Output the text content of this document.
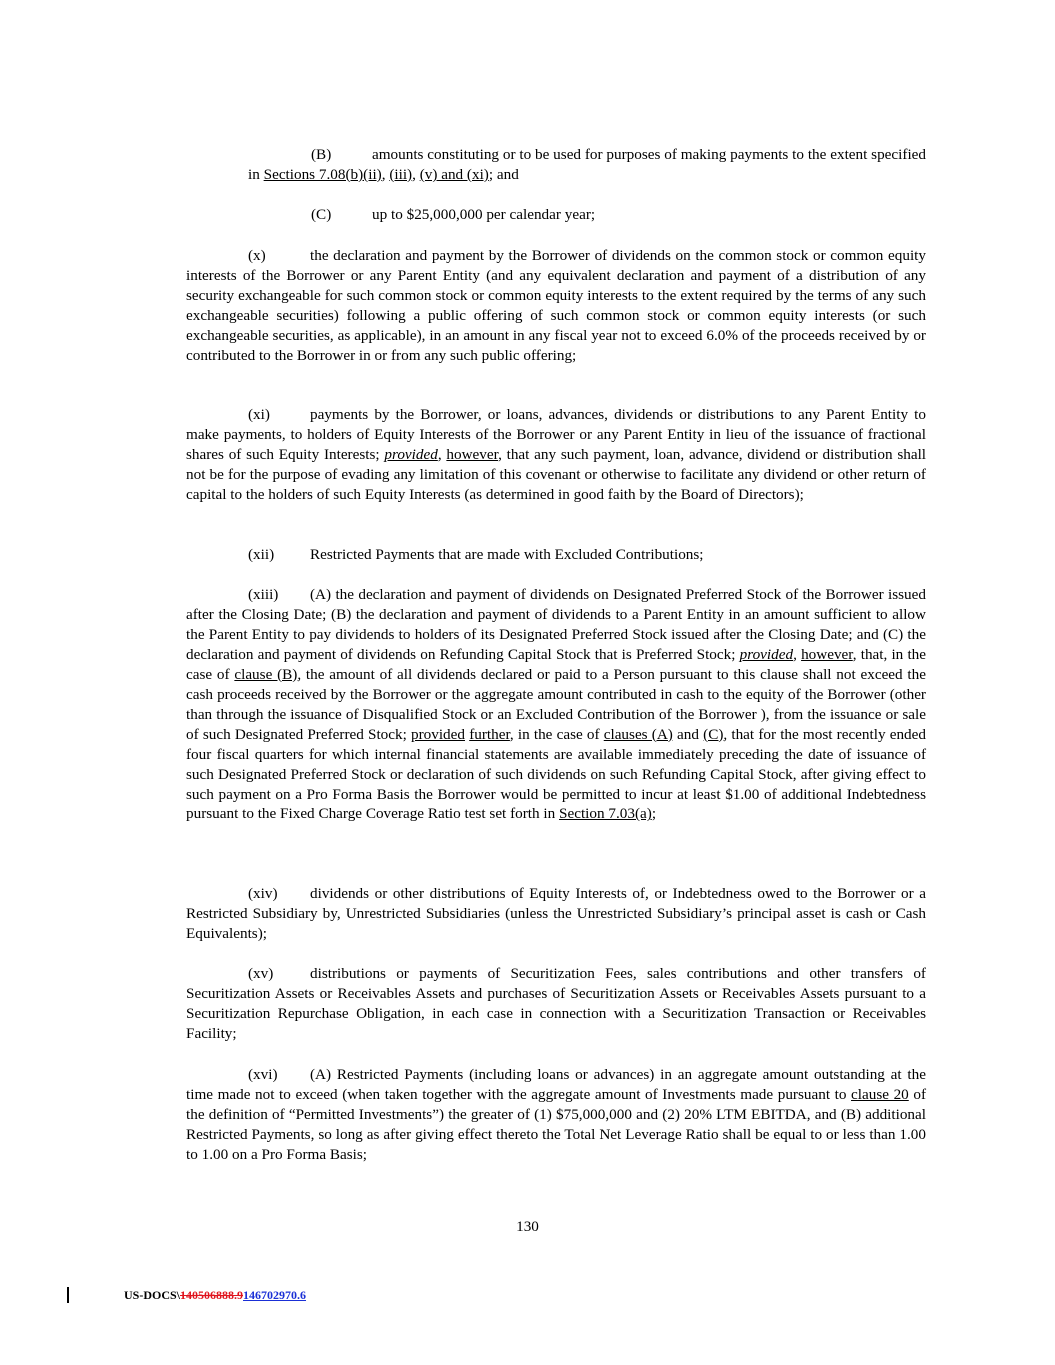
(B)	amounts constituting or to be used for purposes of making payments to the extent specified in Sections 7.08(b)(ii), (iii), (v) and (xi); and

(C)	up to $25,000,000 per calendar year;

(x)	the declaration and payment by the Borrower of dividends on the common stock or common equity interests of the Borrower or any Parent Entity (and any equivalent declaration and payment of a distribution of any security exchangeable for such common stock or common equity interests to the extent required by the terms of any such exchangeable securities) following a public offering of such common stock or common equity interests (or such exchangeable securities, as applicable), in an amount in any fiscal year not to exceed 6.0% of the proceeds received by or contributed to the Borrower in or from any such public offering;

(xi)	payments by the Borrower, or loans, advances, dividends or distributions to any Parent Entity to make payments, to holders of Equity Interests of the Borrower or any Parent Entity in lieu of the issuance of fractional shares of such Equity Interests; provided, however, that any such payment, loan, advance, dividend or distribution shall not be for the purpose of evading any limitation of this covenant or otherwise to facilitate any dividend or other return of capital to the holders of such Equity Interests (as determined in good faith by the Board of Directors);

(xii) Restricted Payments that are made with Excluded Contributions;

(xiii) (A) the declaration and payment of dividends on Designated Preferred Stock of the Borrower issued after the Closing Date; (B) the declaration and payment of dividends to a Parent Entity in an amount sufficient to allow the Parent Entity to pay dividends to holders of its Designated Preferred Stock issued after the Closing Date; and (C) the declaration and payment of dividends on Refunding Capital Stock that is Preferred Stock; provided, however, that, in the case of clause (B), the amount of all dividends declared or paid to a Person pursuant to this clause shall not exceed the cash proceeds received by the Borrower or the aggregate amount contributed in cash to the equity of the Borrower (other than through the issuance of Disqualified Stock or an Excluded Contribution of the Borrower ), from the issuance or sale of such Designated Preferred Stock; provided further, in the case of clauses (A) and (C), that for the most recently ended four fiscal quarters for which internal financial statements are available immediately preceding the date of issuance of such Designated Preferred Stock or declaration of such dividends on such Refunding Capital Stock, after giving effect to such payment on a Pro Forma Basis the Borrower would be permitted to incur at least $1.00 of additional Indebtedness pursuant to the Fixed Charge Coverage Ratio test set forth in Section 7.03(a);

(xiv) dividends or other distributions of Equity Interests of, or Indebtedness owed to the Borrower or a Restricted Subsidiary by, Unrestricted Subsidiaries (unless the Unrestricted Subsidiary’s principal asset is cash or Cash Equivalents);

(xv) distributions or payments of Securitization Fees, sales contributions and other transfers of Securitization Assets or Receivables Assets and purchases of Securitization Assets or Receivables Assets pursuant to a Securitization Repurchase Obligation, in each case in connection with a Securitization Transaction or Receivables Facility;

(xvi) (A) Restricted Payments (including loans or advances) in an aggregate amount outstanding at the time made not to exceed (when taken together with the aggregate amount of Investments made pursuant to clause 20 of the definition of “Permitted Investments”) the greater of (1) $75,000,000 and (2) 20% LTM EBITDA, and (B) additional Restricted Payments, so long as after giving effect thereto the Total Net Leverage Ratio shall be equal to or less than 1.00 to 1.00 on a Pro Forma Basis;

130
US-DOCS\140506888.9146702970.6
